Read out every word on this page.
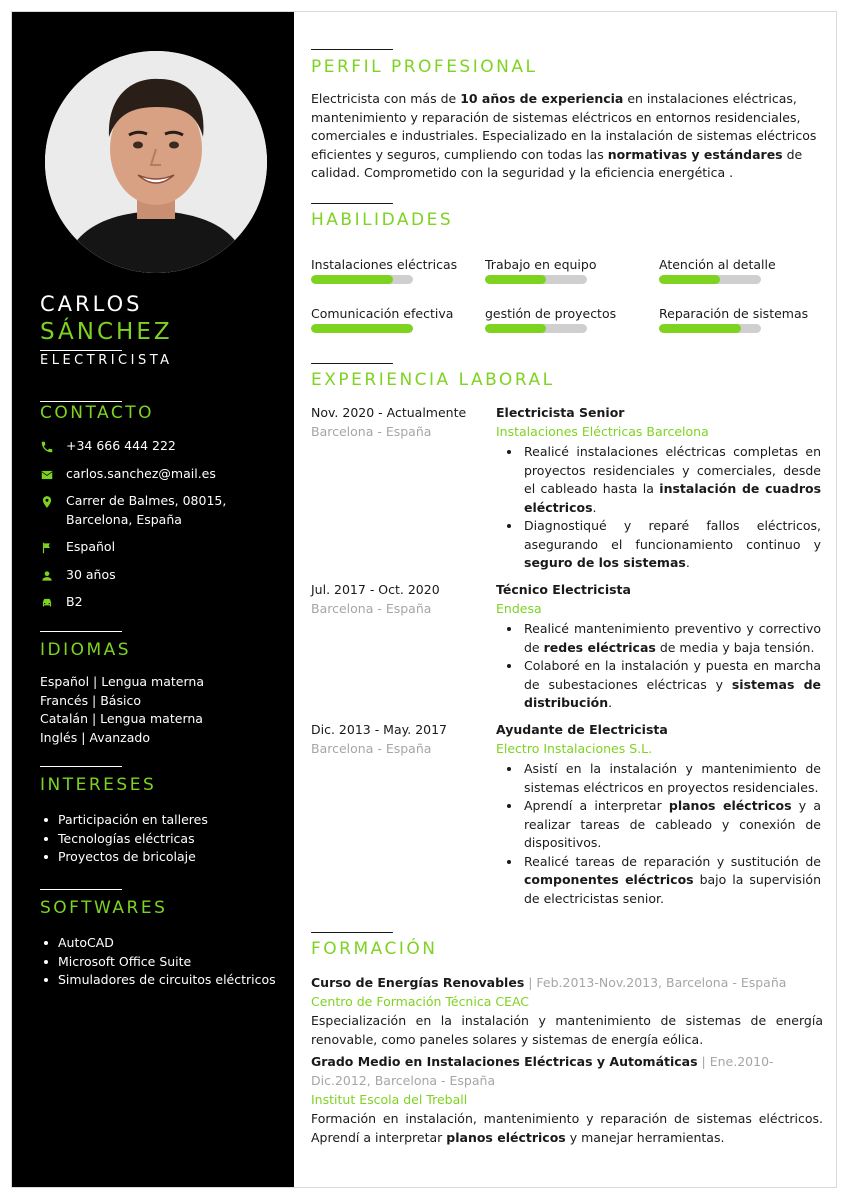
CARLOS
SÁNCHEZ
ELECTRICISTA
CONTACTO
+34 666 444 222
carlos.sanchez@mail.es
Carrer de Balmes, 08015, Barcelona, España
Español
30 años
B2
IDIOMAS
Español | Lengua materna
Francés | Básico
Catalán | Lengua materna
Inglés | Avanzado
INTERESES
Participación en talleres
Tecnologías eléctricas
Proyectos de bricolaje
SOFTWARES
AutoCAD
Microsoft Office Suite
Simuladores de circuitos eléctricos
PERFIL PROFESIONAL
Electricista con más de 10 años de experiencia en instalaciones eléctricas, mantenimiento y reparación de sistemas eléctricos en entornos residenciales, comerciales e industriales. Especializado en la instalación de sistemas eléctricos eficientes y seguros, cumpliendo con todas las normativas y estándares de calidad. Comprometido con la seguridad y la eficiencia energética .
HABILIDADES
Instalaciones eléctricas	Trabajo en equipo	Atención al detalle
Comunicación efectiva	gestión de proyectos	Reparación de sistemas
EXPERIENCIA LABORAL
Nov. 2020 - Actualmente
Barcelona - España
Electricista Senior
Instalaciones Eléctricas Barcelona
Realicé instalaciones eléctricas completas en proyectos residenciales y comerciales, desde el cableado hasta la instalación de cuadros eléctricos.
Diagnostiqué y reparé fallos eléctricos, asegurando el funcionamiento continuo y seguro de los sistemas.
Jul. 2017 - Oct. 2020
Barcelona - España
Técnico Electricista
Endesa
Realicé mantenimiento preventivo y correctivo de redes eléctricas de media y baja tensión.
Colaboré en la instalación y puesta en marcha de subestaciones eléctricas y sistemas de distribución.
Dic. 2013 - May. 2017
Barcelona - España
Ayudante de Electricista
Electro Instalaciones S.L.
Asistí en la instalación y mantenimiento de sistemas eléctricos en proyectos residenciales.
Aprendí a interpretar planos eléctricos y a realizar tareas de cableado y conexión de dispositivos.
Realicé tareas de reparación y sustitución de componentes eléctricos bajo la supervisión de electricistas senior.
FORMACIÓN
Curso de Energías Renovables | Feb.2013-Nov.2013, Barcelona - España
Centro de Formación Técnica CEAC
Especialización en la instalación y mantenimiento de sistemas de energía renovable, como paneles solares y sistemas de energía eólica.
Grado Medio en Instalaciones Eléctricas y Automáticas | Ene.2010-Dic.2012, Barcelona - España
Institut Escola del Treball
Formación en instalación, mantenimiento y reparación de sistemas eléctricos. Aprendí a interpretar planos eléctricos y manejar herramientas.
